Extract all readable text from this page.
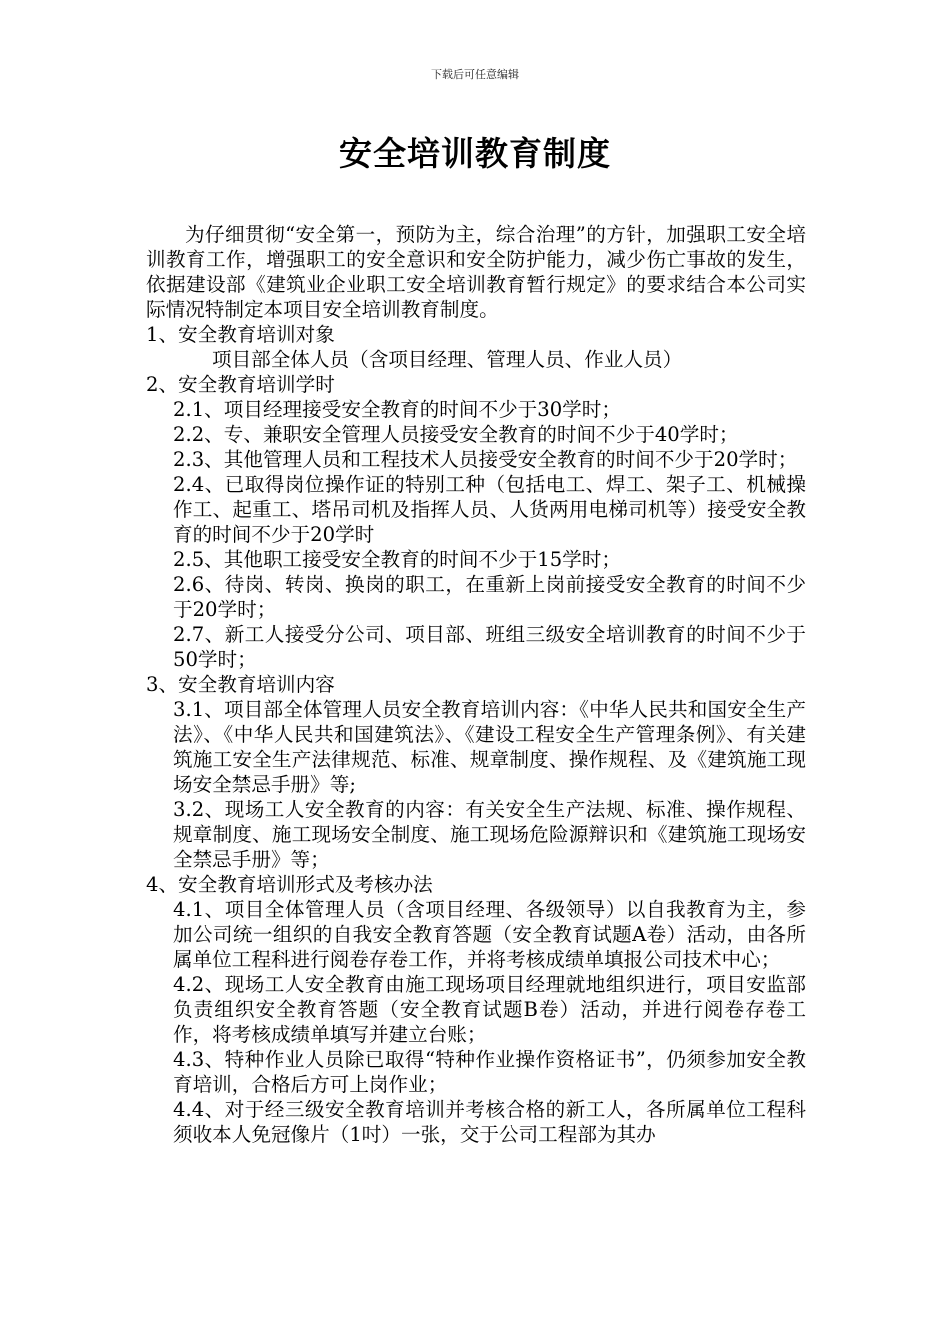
下载后可任意编辑
安全培训教育制度

为仔细贯彻“安全第一，预防为主，综合治理”的方针，加强职工安全培训教育工作，增强职工的安全意识和安全防护能力，减少伤亡事故的发生，依据建设部《建筑业企业职工安全培训教育暂行规定》的要求结合本公司实际情况特制定本项目安全培训教育制度。

1、安全教育培训对象

项目部全体人员（含项目经理、管理人员、作业人员）

2、安全教育培训学时

2.1、项目经理接受安全教育的时间不少于30学时；

2.2、专、兼职安全管理人员接受安全教育的时间不少于40学时；

2.3、其他管理人员和工程技术人员接受安全教育的时间不少于20学时；

2.4、已取得岗位操作证的特别工种（包括电工、焊工、架子工、机械操作工、起重工、塔吊司机及指挥人员、人货两用电梯司机等）接受安全教育的时间不少于20学时

2.5、其他职工接受安全教育的时间不少于15学时；

2.6、待岗、转岗、换岗的职工，在重新上岗前接受安全教育的时间不少于20学时；

2.7、新工人接受分公司、项目部、班组三级安全培训教育的时间不少于50学时；

3、安全教育培训内容

3.1、项目部全体管理人员安全教育培训内容：《中华人民共和国安全生产法》、《中华人民共和国建筑法》、《建设工程安全生产管理条例》、有关建筑施工安全生产法律规范、标准、规章制度、操作规程、及《建筑施工现场安全禁忌手册》等;

3.2、现场工人安全教育的内容：有关安全生产法规、标准、操作规程、规章制度、施工现场安全制度、施工现场危险源辩识和《建筑施工现场安全禁忌手册》等；

4、安全教育培训形式及考核办法

4.1、项目全体管理人员（含项目经理、各级领导）以自我教育为主，参加公司统一组织的自我安全教育答题（安全教育试题A卷）活动，由各所属单位工程科进行阅卷存卷工作，并将考核成绩单填报公司技术中心；

4.2、现场工人安全教育由施工现场项目经理就地组织进行，项目安监部负责组织安全教育答题（安全教育试题B卷）活动，并进行阅卷存卷工作，将考核成绩单填写并建立台账；

4.3、特种作业人员除已取得“特种作业操作资格证书”，仍须参加安全教育培训，合格后方可上岗作业；

4.4、对于经三级安全教育培训并考核合格的新工人，各所属单位工程科须收本人免冠像片（1吋）一张，交于公司工程部为其办
